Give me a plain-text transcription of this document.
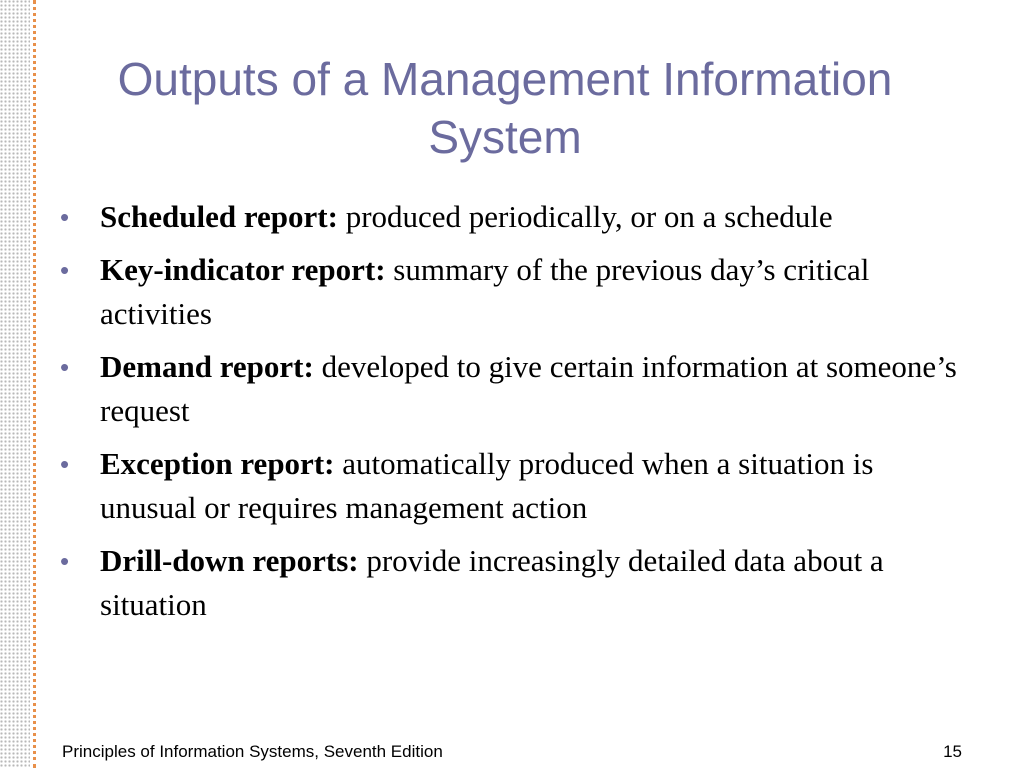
Outputs of a Management Information System
• Scheduled report: produced periodically, or on a schedule
• Key-indicator report: summary of the previous day’s critical activities
• Demand report: developed to give certain information at someone’s request
• Exception report: automatically produced when a situation is unusual or requires management action
• Drill-down reports: provide increasingly detailed data about a situation
Principles of Information Systems, Seventh Edition	15
